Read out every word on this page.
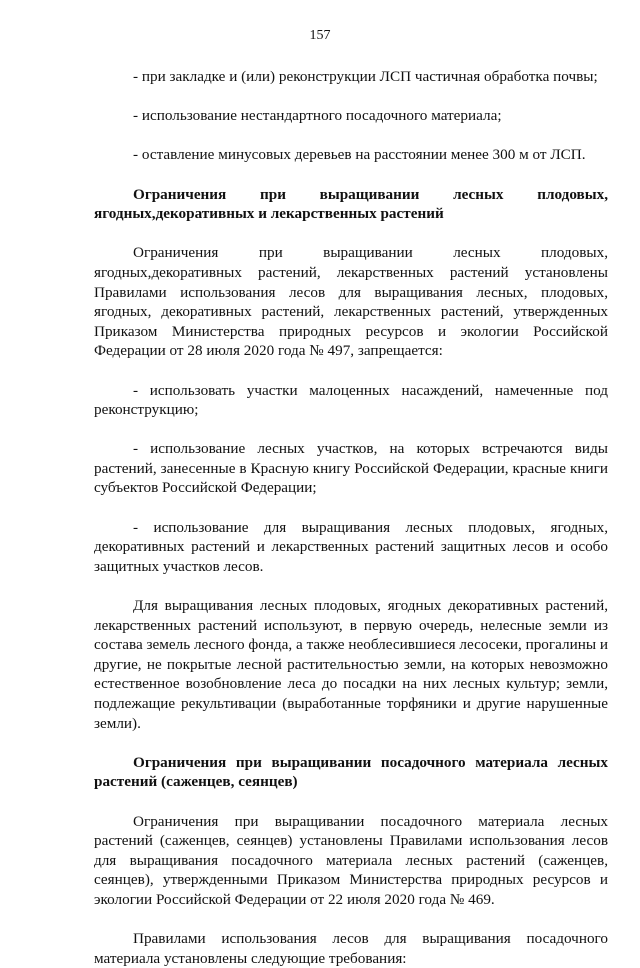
157

- при закладке и (или) реконструкции ЛСП частичная обработка почвы;

- использование нестандартного посадочного материала;

- оставление минусовых деревьев на расстоянии менее 300 м от ЛСП.

Ограничения при выращивании лесных плодовых, ягодных,декоративных и лекарственных растений

Ограничения при выращивании лесных плодовых, ягодных,декоративных растений, лекарственных растений установлены Правилами использования лесов для выращивания лесных, плодовых, ягодных, декоративных растений, лекарственных растений, утвержденных Приказом Министерства природных ресурсов и экологии Российской Федерации от 28 июля 2020 года № 497, запрещается:

- использовать участки малоценных насаждений, намеченные под реконструкцию;

- использование лесных участков, на которых встречаются виды растений, занесенные в Красную книгу Российской Федерации, красные книги субъектов Российской Федерации;

- использование для выращивания лесных плодовых, ягодных, декоративных растений и лекарственных растений защитных лесов и особо защитных участков лесов.

Для выращивания лесных плодовых, ягодных декоративных растений, лекарственных растений используют, в первую очередь, нелесные земли из состава земель лесного фонда, а также необлесившиеся лесосеки, прогалины и другие, не покрытые лесной растительностью земли, на которых невозможно естественное возобновление леса до посадки на них лесных культур; земли, подлежащие рекультивации (выработанные торфяники и другие нарушенные земли).

Ограничения при выращивании посадочного материала лесных растений (саженцев, сеянцев)

Ограничения при выращивании посадочного материала лесных растений (саженцев, сеянцев) установлены Правилами использования лесов для выращивания посадочного материала лесных растений (саженцев, сеянцев), утвержденными Приказом Министерства природных ресурсов и экологии Российской Федерации от 22 июля 2020 года № 469.

Правилами использования лесов для выращивания посадочного материала установлены следующие требования:
